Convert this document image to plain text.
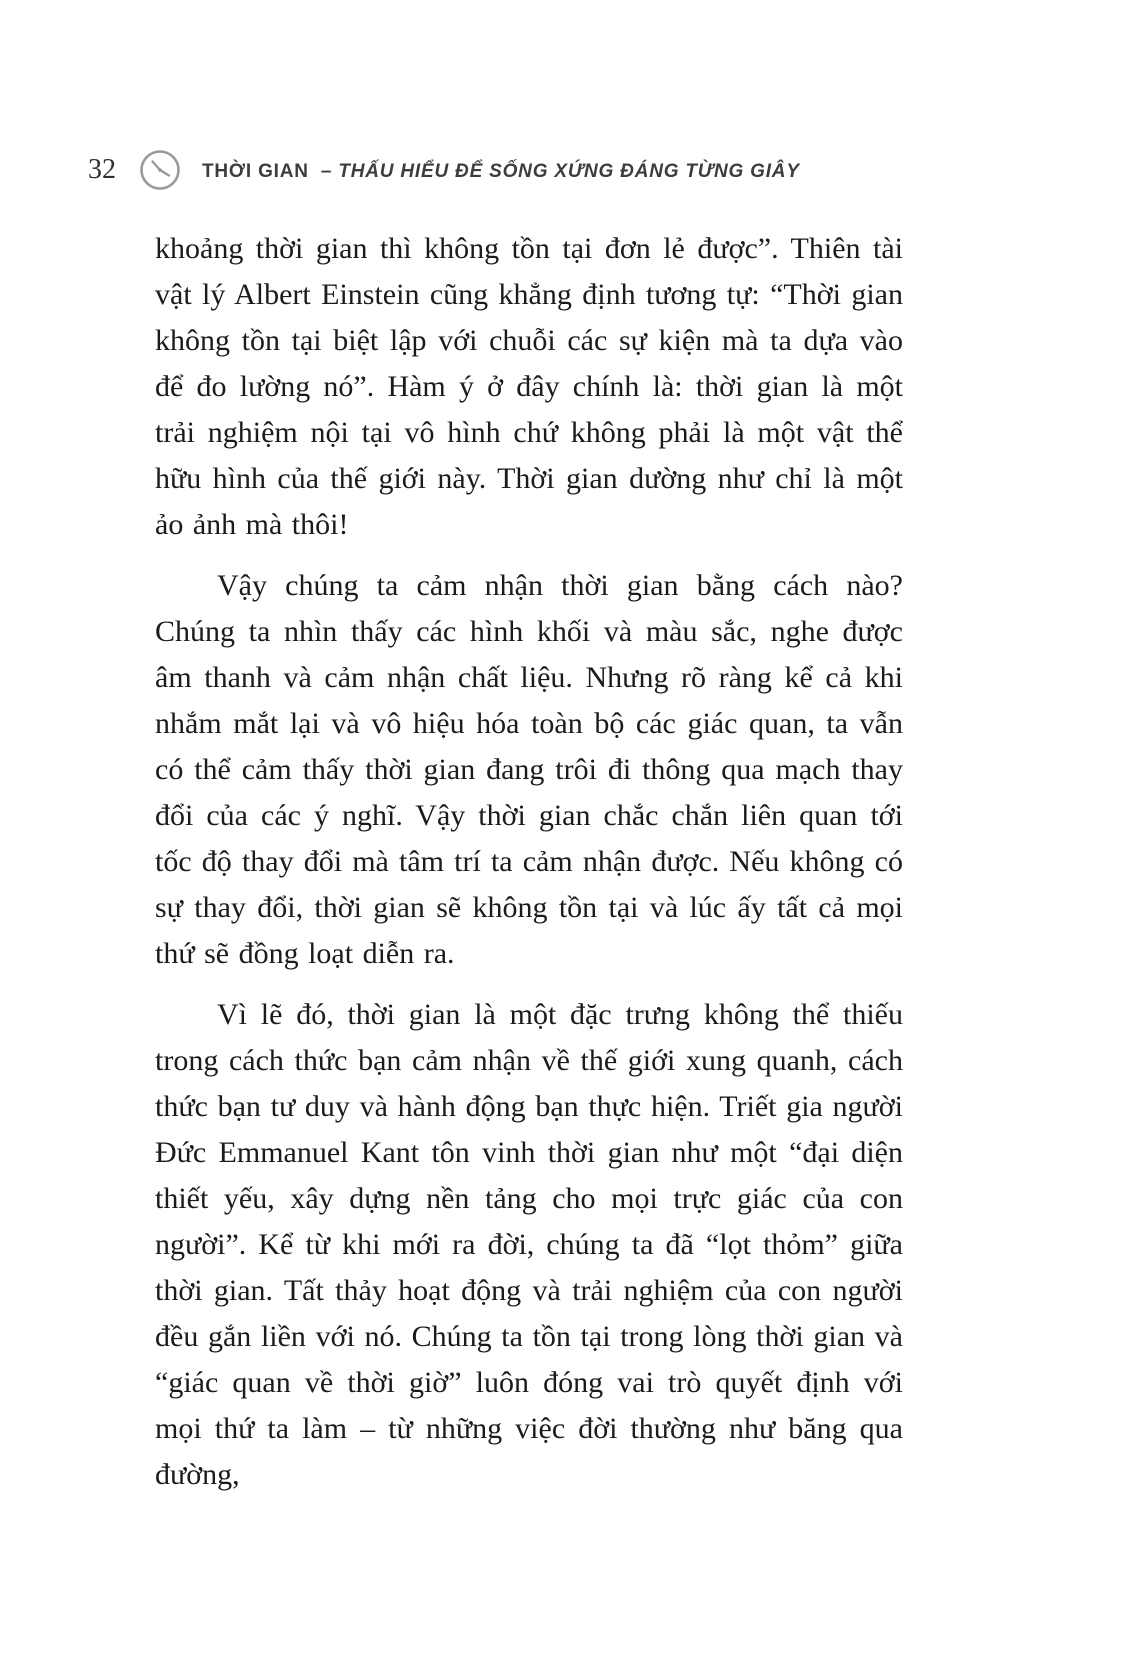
32	THỜI GIAN – THẤU HIỂU ĐỂ SỐNG XỨNG ĐÁNG TỪNG GIÂY

khoảng thời gian thì không tồn tại đơn lẻ được”. Thiên tài vật lý Albert Einstein cũng khẳng định tương tự: “Thời gian không tồn tại biệt lập với chuỗi các sự kiện mà ta dựa vào để đo lường nó”. Hàm ý ở đây chính là: thời gian là một trải nghiệm nội tại vô hình chứ không phải là một vật thể hữu hình của thế giới này. Thời gian dường như chỉ là một ảo ảnh mà thôi!

Vậy chúng ta cảm nhận thời gian bằng cách nào? Chúng ta nhìn thấy các hình khối và màu sắc, nghe được âm thanh và cảm nhận chất liệu. Nhưng rõ ràng kể cả khi nhắm mắt lại và vô hiệu hóa toàn bộ các giác quan, ta vẫn có thể cảm thấy thời gian đang trôi đi thông qua mạch thay đổi của các ý nghĩ. Vậy thời gian chắc chắn liên quan tới tốc độ thay đổi mà tâm trí ta cảm nhận được. Nếu không có sự thay đổi, thời gian sẽ không tồn tại và lúc ấy tất cả mọi thứ sẽ đồng loạt diễn ra.

Vì lẽ đó, thời gian là một đặc trưng không thể thiếu trong cách thức bạn cảm nhận về thế giới xung quanh, cách thức bạn tư duy và hành động bạn thực hiện. Triết gia người Đức Emmanuel Kant tôn vinh thời gian như một “đại diện thiết yếu, xây dựng nền tảng cho mọi trực giác của con người”. Kể từ khi mới ra đời, chúng ta đã “lọt thỏm” giữa thời gian. Tất thảy hoạt động và trải nghiệm của con người đều gắn liền với nó. Chúng ta tồn tại trong lòng thời gian và “giác quan về thời giờ” luôn đóng vai trò quyết định với mọi thứ ta làm – từ những việc đời thường như băng qua đường,
